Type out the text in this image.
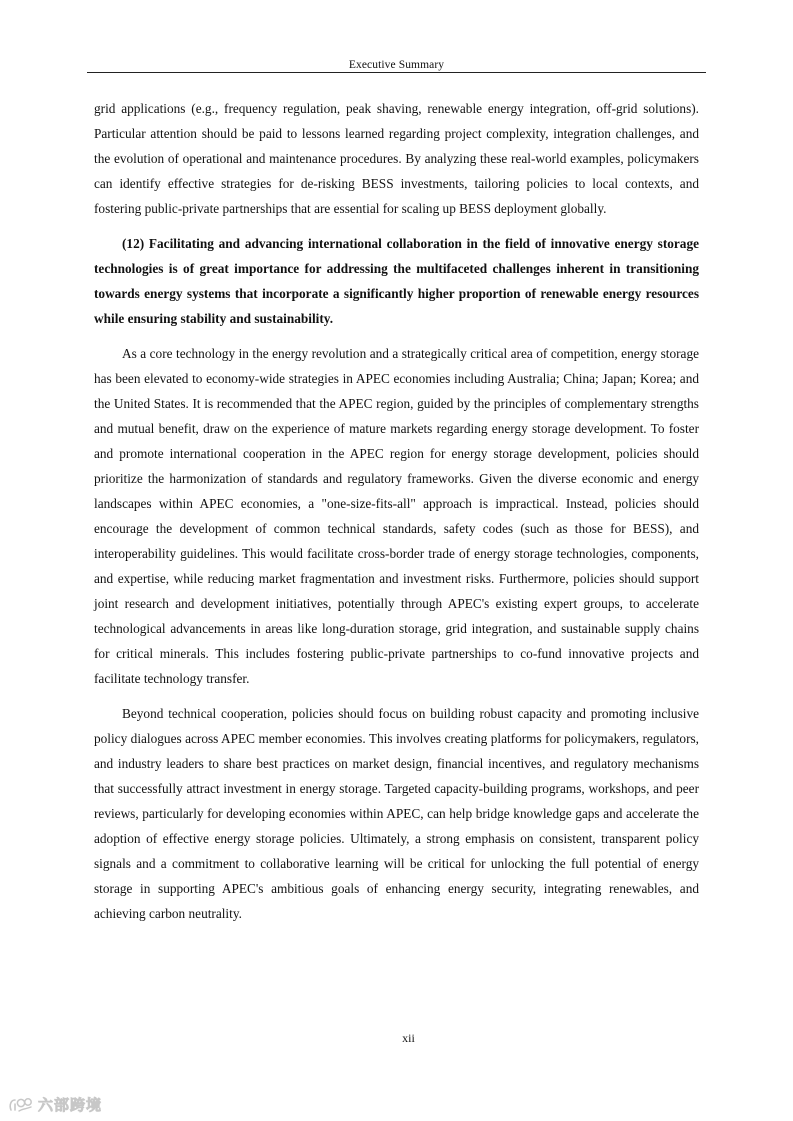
Executive Summary

grid applications (e.g., frequency regulation, peak shaving, renewable energy integration, off-grid solutions). Particular attention should be paid to lessons learned regarding project complexity, integration challenges, and the evolution of operational and maintenance procedures. By analyzing these real-world examples, policymakers can identify effective strategies for de-risking BESS investments, tailoring policies to local contexts, and fostering public-private partnerships that are essential for scaling up BESS deployment globally.

(12) Facilitating and advancing international collaboration in the field of innovative energy storage technologies is of great importance for addressing the multifaceted challenges inherent in transitioning towards energy systems that incorporate a significantly higher proportion of renewable energy resources while ensuring stability and sustainability.

As a core technology in the energy revolution and a strategically critical area of competition, energy storage has been elevated to economy-wide strategies in APEC economies including Australia; China; Japan; Korea; and the United States. It is recommended that the APEC region, guided by the principles of complementary strengths and mutual benefit, draw on the experience of mature markets regarding energy storage development. To foster and promote international cooperation in the APEC region for energy storage development, policies should prioritize the harmonization of standards and regulatory frameworks. Given the diverse economic and energy landscapes within APEC economies, a "one-size-fits-all" approach is impractical. Instead, policies should encourage the development of common technical standards, safety codes (such as those for BESS), and interoperability guidelines. This would facilitate cross-border trade of energy storage technologies, components, and expertise, while reducing market fragmentation and investment risks. Furthermore, policies should support joint research and development initiatives, potentially through APEC's existing expert groups, to accelerate technological advancements in areas like long-duration storage, grid integration, and sustainable supply chains for critical minerals. This includes fostering public-private partnerships to co-fund innovative projects and facilitate technology transfer.

Beyond technical cooperation, policies should focus on building robust capacity and promoting inclusive policy dialogues across APEC member economies. This involves creating platforms for policymakers, regulators, and industry leaders to share best practices on market design, financial incentives, and regulatory mechanisms that successfully attract investment in energy storage. Targeted capacity-building programs, workshops, and peer reviews, particularly for developing economies within APEC, can help bridge knowledge gaps and accelerate the adoption of effective energy storage policies. Ultimately, a strong emphasis on consistent, transparent policy signals and a commitment to collaborative learning will be critical for unlocking the full potential of energy storage in supporting APEC's ambitious goals of enhancing energy security, integrating renewables, and achieving carbon neutrality.

xii
六部跨境
